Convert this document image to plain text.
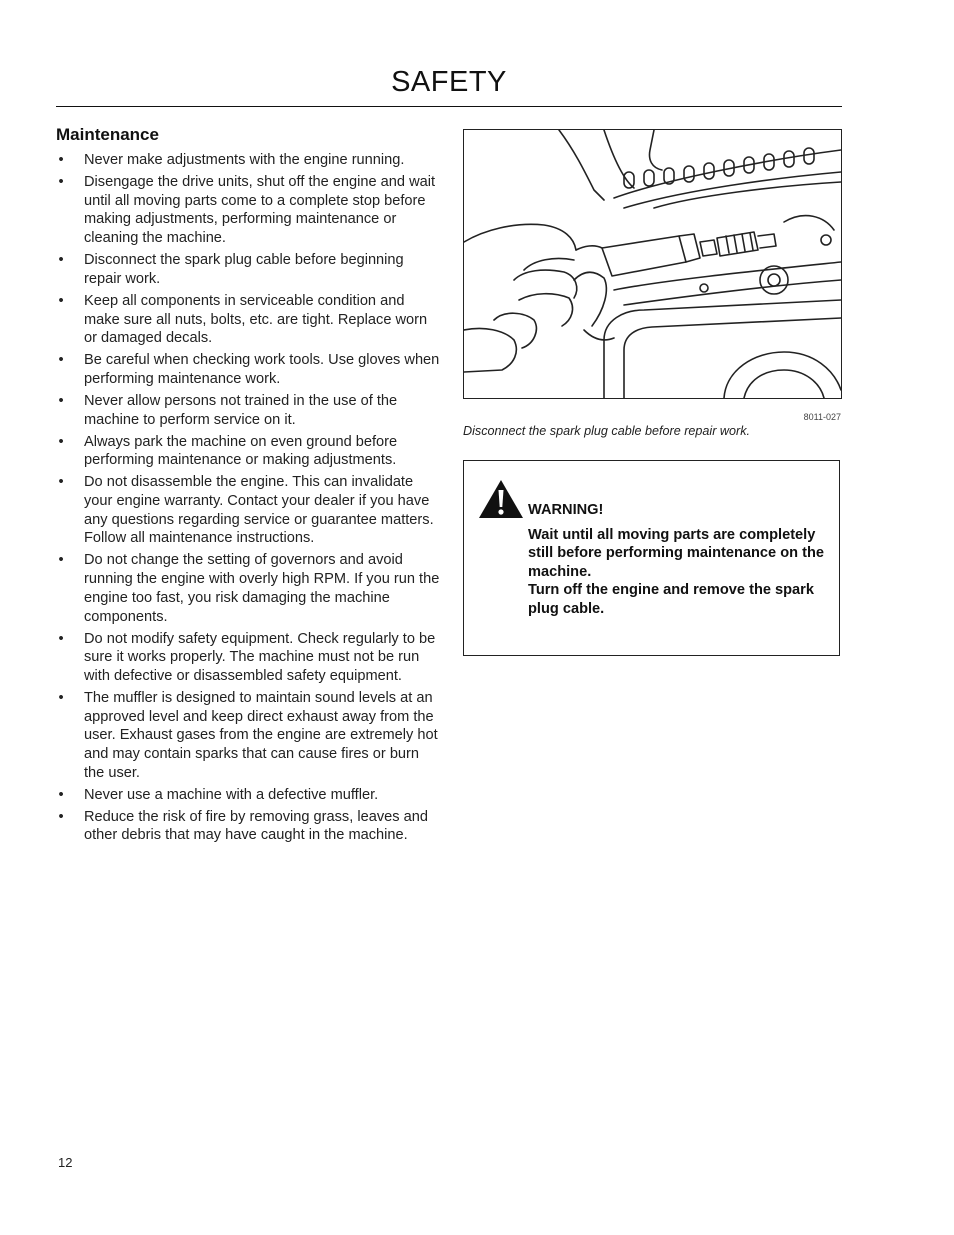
SAFETY
Maintenance
• Never make adjustments with the engine running.
• Disengage the drive units, shut off the engine and wait until all moving parts come to a complete stop before making adjustments, performing maintenance or cleaning the machine.
• Disconnect the spark plug cable before beginning repair work.
• Keep all components in serviceable condition and make sure all nuts, bolts, etc. are tight. Replace worn or damaged decals.
• Be careful when checking work tools. Use gloves when performing maintenance work.
• Never allow persons not trained in the use of the machine to perform service on it.
• Always park the machine on even ground before performing maintenance or making adjustments.
• Do not disassemble the engine. This can invalidate your engine warranty. Contact your dealer if you have any questions regarding service or guarantee matters. Follow all maintenance instructions.
• Do not change the setting of governors and avoid running the engine with overly high RPM. If you run the engine too fast, you risk damaging the machine components.
• Do not modify safety equipment. Check regularly to be sure it works properly. The machine must not be run with defective or disassembled safety equipment.
• The muffler is designed to maintain sound levels at an approved level and keep direct exhaust away from the user. Exhaust gases from the engine are extremely hot and may contain sparks that can cause fires or burn the user.
• Never use a machine with a defective muffler.
• Reduce the risk of fire by removing grass, leaves and other debris that may have caught in the machine.
8011-027
Disconnect the spark plug cable before repair work.
WARNING!
Wait until all moving parts are completely still before performing maintenance on the machine.
Turn off the engine and remove the spark plug cable.
12
